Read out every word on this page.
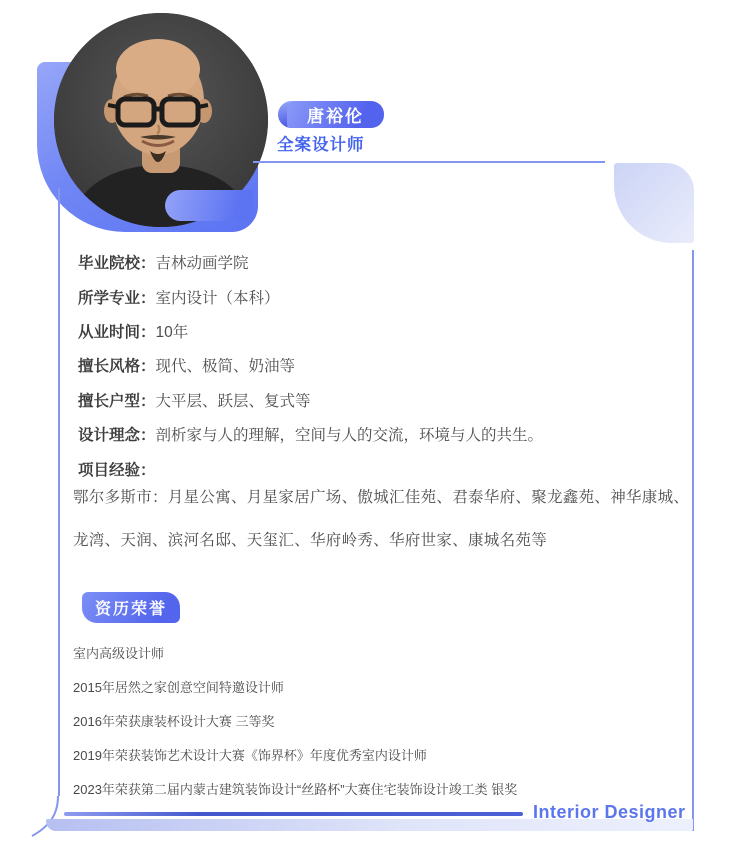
唐裕伦
全案设计师
毕业院校： 吉林动画学院
所学专业： 室内设计（本科）
从业时间： 10年
擅长风格： 现代、极简、奶油等
擅长户型： 大平层、跃层、复式等
设计理念： 剖析家与人的理解，空间与人的交流，环境与人的共生。
项目经验：
鄂尔多斯市：月星公寓、月星家居广场、傲城汇佳苑、君泰华府、聚龙鑫苑、神华康城、龙湾、天润、滨河名邸、天玺汇、华府岭秀、华府世家、康城名苑等
资历荣誉
室内高级设计师
2015年居然之家创意空间特邀设计师
2016年荣获康装杯设计大赛 三等奖
2019年荣获装饰艺术设计大赛《饰界杯》年度优秀室内设计师
2023年荣获第二届内蒙古建筑装饰设计“丝路杯”大赛住宅装饰设计竣工类 银奖
Interior Designer
